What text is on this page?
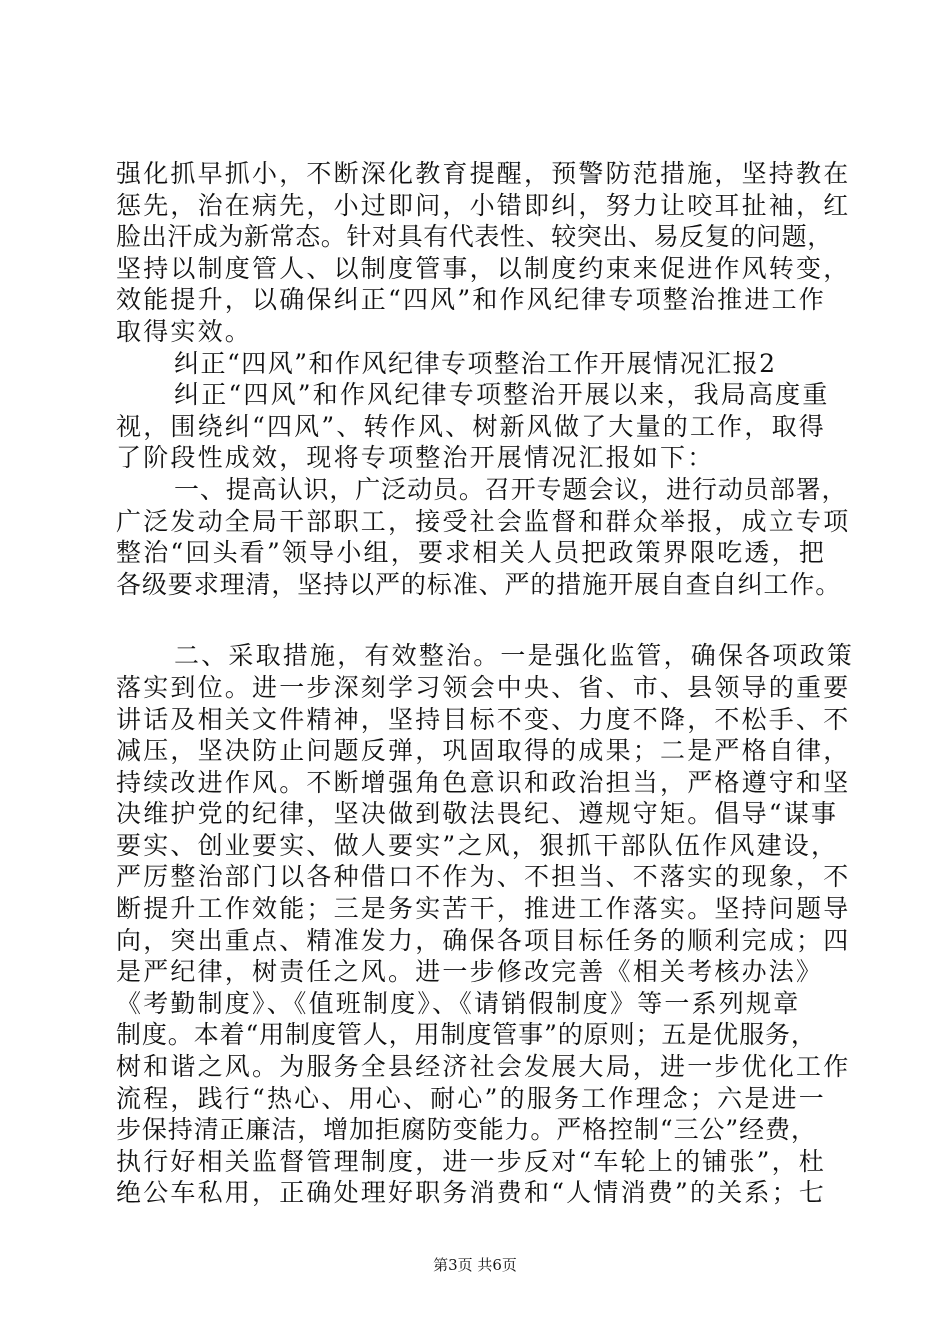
强化抓早抓小，不断深化教育提醒，预警防范措施，坚持教在
惩先，治在病先，小过即问，小错即纠，努力让咬耳扯袖，红
脸出汗成为新常态。针对具有代表性、较突出、易反复的问题，
坚持以制度管人、以制度管事，以制度约束来促进作风转变，
效能提升，以确保纠正“四风”和作风纪律专项整治推进工作
取得实效。
纠正“四风”和作风纪律专项整治工作开展情况汇报2
纠正“四风”和作风纪律专项整治开展以来，我局高度重
视，围绕纠“四风”、转作风、树新风做了大量的工作，取得
了阶段性成效，现将专项整治开展情况汇报如下：
一、提高认识，广泛动员。召开专题会议，进行动员部署，
广泛发动全局干部职工，接受社会监督和群众举报，成立专项
整治“回头看”领导小组，要求相关人员把政策界限吃透，把
各级要求理清，坚持以严的标准、严的措施开展自查自纠工作。
二、采取措施，有效整治。一是强化监管，确保各项政策
落实到位。进一步深刻学习领会中央、省、市、县领导的重要
讲话及相关文件精神，坚持目标不变、力度不降，不松手、不
减压，坚决防止问题反弹，巩固取得的成果；二是严格自律，
持续改进作风。不断增强角色意识和政治担当，严格遵守和坚
决维护党的纪律，坚决做到敬法畏纪、遵规守矩。倡导“谋事
要实、创业要实、做人要实”之风，狠抓干部队伍作风建设，
严厉整治部门以各种借口不作为、不担当、不落实的现象，不
断提升工作效能；三是务实苦干，推进工作落实。坚持问题导
向，突出重点、精准发力，确保各项目标任务的顺利完成；四
是严纪律，树责任之风。进一步修改完善《相关考核办法》
《考勤制度》、《值班制度》、《请销假制度》等一系列规章
制度。本着“用制度管人，用制度管事”的原则；五是优服务，
树和谐之风。为服务全县经济社会发展大局，进一步优化工作
流程，践行“热心、用心、耐心”的服务工作理念；六是进一
步保持清正廉洁，增加拒腐防变能力。严格控制“三公”经费，
执行好相关监督管理制度，进一步反对“车轮上的铺张”，杜
绝公车私用，正确处理好职务消费和“人情消费”的关系；七
第3页 共6页
